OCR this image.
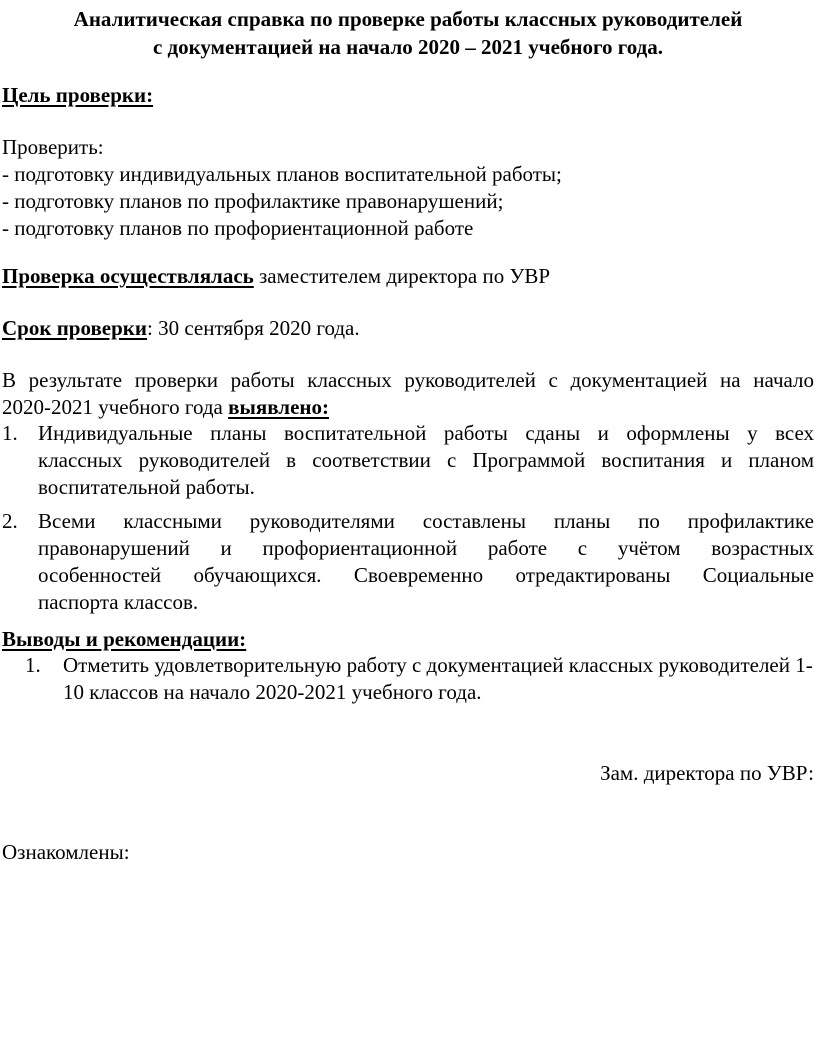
Аналитическая справка по проверке работы классных руководителей
с документацией на начало 2020 – 2021 учебного года.
Цель проверки:
Проверить:
- подготовку индивидуальных планов воспитательной работы;
- подготовку планов по профилактике правонарушений;
- подготовку планов по профориентационной работе
Проверка осуществлялась заместителем директора по УВР
Срок проверки: 30 сентября 2020 года.
В результате проверки работы классных руководителей с документацией на начало
2020-2021 учебного года выявлено:
1. Индивидуальные планы воспитательной работы сданы и оформлены у всех
классных руководителей в соответствии с Программой воспитания и планом
воспитательной работы.
2. Всеми классными руководителями составлены планы по профилактике
правонарушений и профориентационной работе с учётом возрастных
особенностей обучающихся. Своевременно отредактированы Социальные
паспорта классов.
Выводы и рекомендации:
1. Отметить удовлетворительную работу с документацией классных руководителей 1-10 классов на начало 2020-2021 учебного года.
Зам. директора по УВР:
Ознакомлены:
